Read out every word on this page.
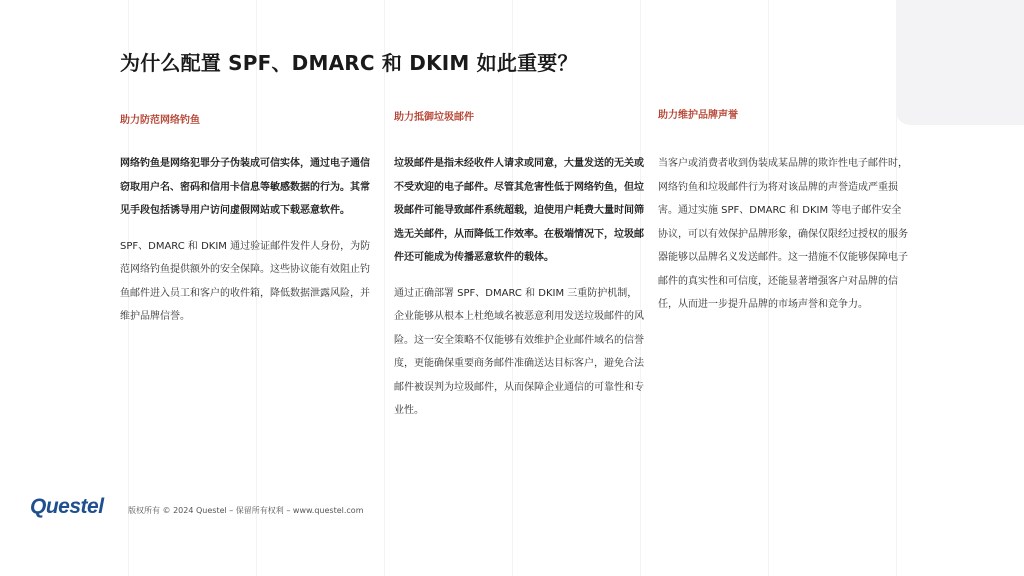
为什么配置 SPF、DMARC 和 DKIM 如此重要？
助力防范网络钓鱼

网络钓鱼是网络犯罪分子伪装成可信实体，通过电子通信窃取用户名、密码和信用卡信息等敏感数据的行为。其常见手段包括诱导用户访问虚假网站或下载恶意软件。

SPF、DMARC 和 DKIM 通过验证邮件发件人身份，为防范网络钓鱼提供额外的安全保障。这些协议能有效阻止钓鱼邮件进入员工和客户的收件箱，降低数据泄露风险，并维护品牌信誉。

助力抵御垃圾邮件

垃圾邮件是指未经收件人请求或同意，大量发送的无关或不受欢迎的电子邮件。尽管其危害性低于网络钓鱼，但垃圾邮件可能导致邮件系统超载，迫使用户耗费大量时间筛选无关邮件，从而降低工作效率。在极端情况下，垃圾邮件还可能成为传播恶意软件的载体。

通过正确部署 SPF、DMARC 和 DKIM 三重防护机制，企业能够从根本上杜绝域名被恶意利用发送垃圾邮件的风险。这一安全策略不仅能够有效维护企业邮件域名的信誉度，更能确保重要商务邮件准确送达目标客户，避免合法邮件被误判为垃圾邮件，从而保障企业通信的可靠性和专业性。

助力维护品牌声誉

当客户或消费者收到伪装成某品牌的欺诈性电子邮件时，网络钓鱼和垃圾邮件行为将对该品牌的声誉造成严重损害。通过实施 SPF、DMARC 和 DKIM 等电子邮件安全协议，可以有效保护品牌形象，确保仅限经过授权的服务器能够以品牌名义发送邮件。这一措施不仅能够保障电子邮件的真实性和可信度，还能显著增强客户对品牌的信任，从而进一步提升品牌的市场声誉和竞争力。

Questel	版权所有 © 2024 Questel – 保留所有权利 – www.questel.com
